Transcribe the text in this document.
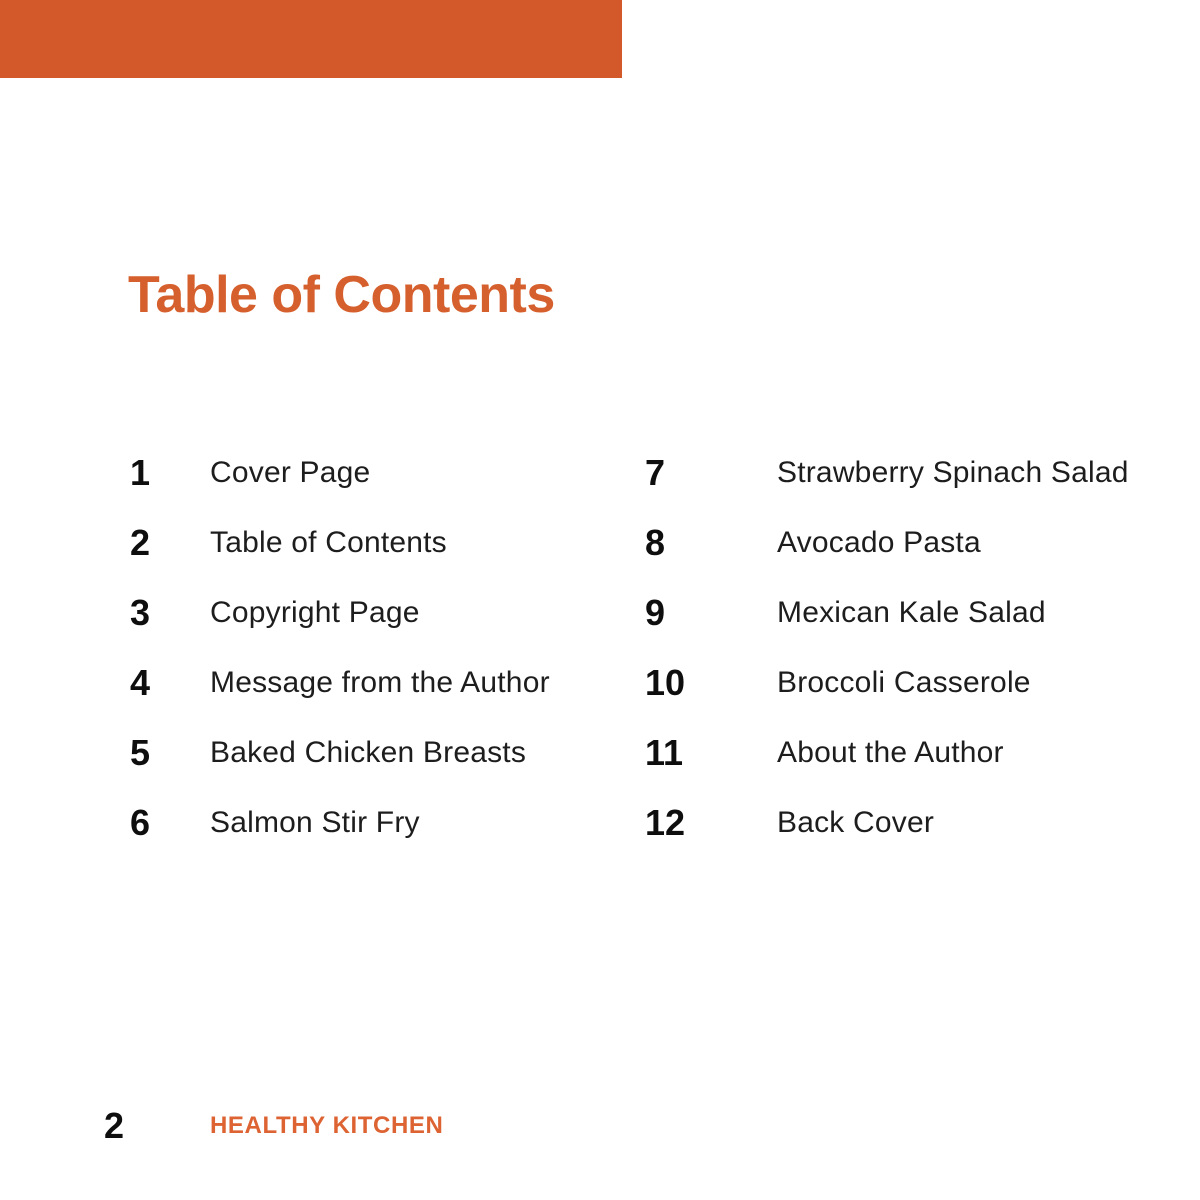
Table of Contents
1	Cover Page	7	Strawberry Spinach Salad
2	Table of Contents	8	Avocado Pasta
3	Copyright Page	9	Mexican Kale Salad
4	Message from the Author	10	Broccoli Casserole
5	Baked Chicken Breasts	11	About the Author
6	Salmon Stir Fry	12	Back Cover
2	HEALTHY KITCHEN
